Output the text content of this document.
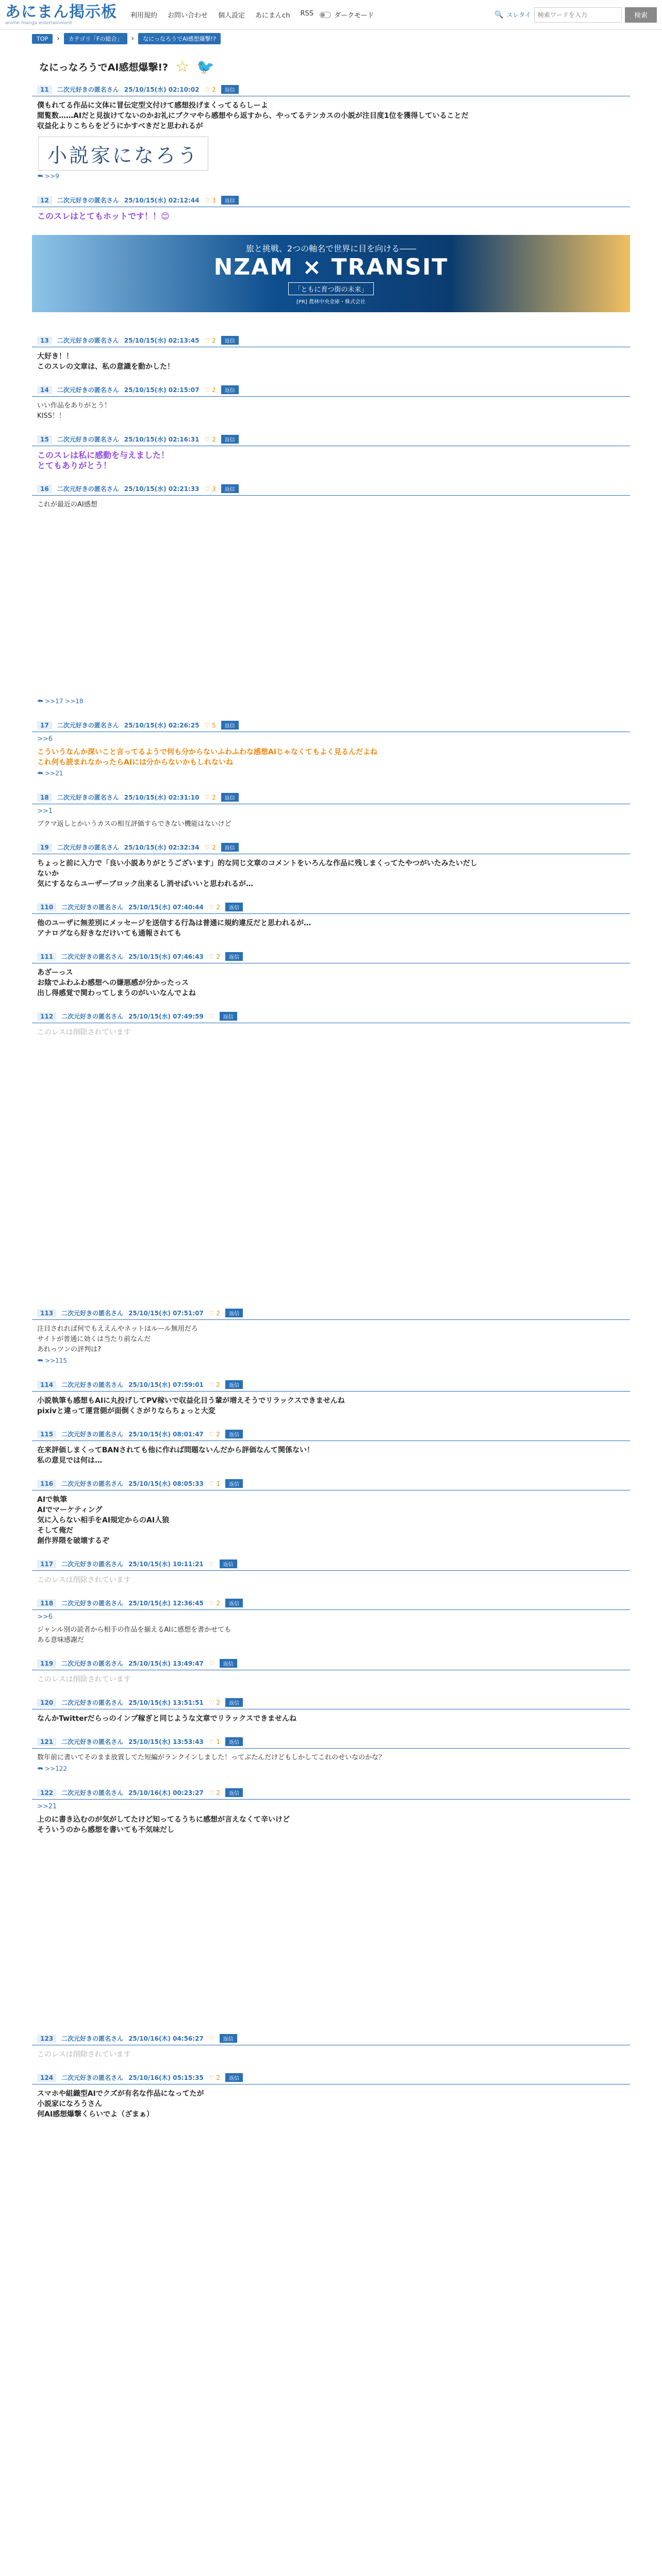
あにまん掲示板
anime manga entertainment
利用規約 お問い合わせ 個人設定 あにまんch RSS	ダークモード	🔍 スレタイ
検索ワードを入力	検索
TOP	›	カテゴリ「Fの総合」	›	なにっなろうでAI感想爆撃!?
なにっなろうでAI感想爆撃!? ☆ 🐦
11	二次元好きの匿名さん 25/10/15(水) 02:10:02 ♡ 2	返信
僕もれてる作品に文体に冒伝定型文付けて感想投げまくってるらしーよ
閲覧数……AIだと見抜けてないのかお礼にブクマやら感想やら返すから、やってるテンカスの小説が注目度1位を獲得していることだ
収益化よりこちらをどうにかすべきだと思われるが
小説家になろう
⮪ >>9
12	二次元好きの匿名さん 25/10/15(水) 02:12:44 ♡ 3	返信
このスレはとてもホットです！！😊
旅と挑戦、2つの軸名で世界に目を向ける――
NZAM × TRANSIT
「ともに育つ街の未来」
[PR] 農林中央金庫・株式会社
13	二次元好きの匿名さん 25/10/15(水) 02:13:45 ♡ 2	返信
大好き！！
このスレの文章は、私の意識を動かした！
14	二次元好きの匿名さん 25/10/15(水) 02:15:07 ♡ 2	返信
いい作品をありがとう！
KISS！！
15	二次元好きの匿名さん 25/10/15(水) 02:16:31 ♡ 2	返信
このスレは私に感動を与えました！
とてもありがとう！
16	二次元好きの匿名さん 25/10/15(水) 02:21:33 ♡ 3	返信
これが最近のAI感想
⮪ >>17 >>18
17	二次元好きの匿名さん 25/10/15(水) 02:26:25 ♡ 5	返信
>>6
こういうなんか深いこと言ってるようで何も分からないふわふわな感想AIじゃなくてもよく見るんだよね
これ何も読まれなかったらAIには分からないかもしれないね
⮪ >>21
18	二次元好きの匿名さん 25/10/15(水) 02:31:10 ♡ 2	返信
>>1
ブクマ返しとかいうカスの相互評価すらできない機能はないけど
19	二次元好きの匿名さん 25/10/15(水) 02:32:34 ♡ 2	返信
ちょっと前に入力で「良い小説ありがとうございます」的な同じ文章のコメントをいろんな作品に残しまくってたやつがいたみたいだし
ないか
気にするならユーザーブロック出来るし消せばいいと思われるが…
110	二次元好きの匿名さん 25/10/15(水) 07:40:44 ♡ 2	返信
他のユーザに無差別にメッセージを送信する行為は普通に規約違反だと思われるが…
アナログなら好きなだけいても通報されても
111	二次元好きの匿名さん 25/10/15(水) 07:46:43 ♡ 2	返信
あざーっス
お陰でふわふわ感想への嫌悪感が分かったっス
出し得感覚で関わってしまうのがいいなんでよね
112	二次元好きの匿名さん 25/10/15(水) 07:49:59 ♡	返信
このレスは削除されています
113	二次元好きの匿名さん 25/10/15(水) 07:51:07 ♡ 2	返信
注目されれば何でもええんやネットはルール無用だろ
サイトが普通に効くは当たり前なんだ
あれっツンの評判は?
⮪ >>115
114	二次元好きの匿名さん 25/10/15(水) 07:59:01 ♡ 2	返信
小説執筆も感想もAIに丸投げしてPV稼いで収益化目う輩が増えそうでリラックスできませんね
pixivと違って運営側が面倒くさがりならちょっと大変
115	二次元好きの匿名さん 25/10/15(水) 08:01:47 ♡ 2	返信
在来評価しまくってBANされても他に作れば問題ないんだから評価なんて関係ない！
私の意見では何は…
116	二次元好きの匿名さん 25/10/15(水) 08:05:33 ♡ 1	返信
AIで執筆
AIでマーケティング
気に入らない相手をAI規定からのAI人狼
そして俺だ
創作界隈を破壊するぞ
117	二次元好きの匿名さん 25/10/15(水) 10:11:21 ♡	返信
このレスは削除されています
118	二次元好きの匿名さん 25/10/15(水) 12:36:45 ♡ 2	返信
>>6
ジャンル別の読者から相手の作品を揃えるAIに感想を書かせても
ある意味感謝だ
119	二次元好きの匿名さん 25/10/15(水) 13:49:47 ♡	返信
このレスは削除されています
120	二次元好きの匿名さん 25/10/15(水) 13:51:51 ♡ 2	返信
なんかTwitterだらっのインプ稼ぎと同じような文章でリラックスできませんね
121	二次元好きの匿名さん 25/10/15(水) 13:53:43 ♡ 1	返信
数年前に書いてそのまま放置してた短編がランクインしました！ってぶたんだけどもしかしてこれのせいなのかな？
⮪ >>122
122	二次元好きの匿名さん 25/10/16(木) 00:23:27 ♡ 2	返信
>>21
上のに書き込むのが気がしてたけど知ってるうちに感想が言えなくて辛いけど
そういうのから感想を書いても不気味だし
123	二次元好きの匿名さん 25/10/16(木) 04:56:27 ♡	返信
このレスは削除されています
124	二次元好きの匿名さん 25/10/16(木) 05:15:35 ♡ 2	返信
スマホや組織型AIでクズが有名な作品になってたが
小説家になろうさん
何AI感想爆撃くらいでよ（ざまぁ）
